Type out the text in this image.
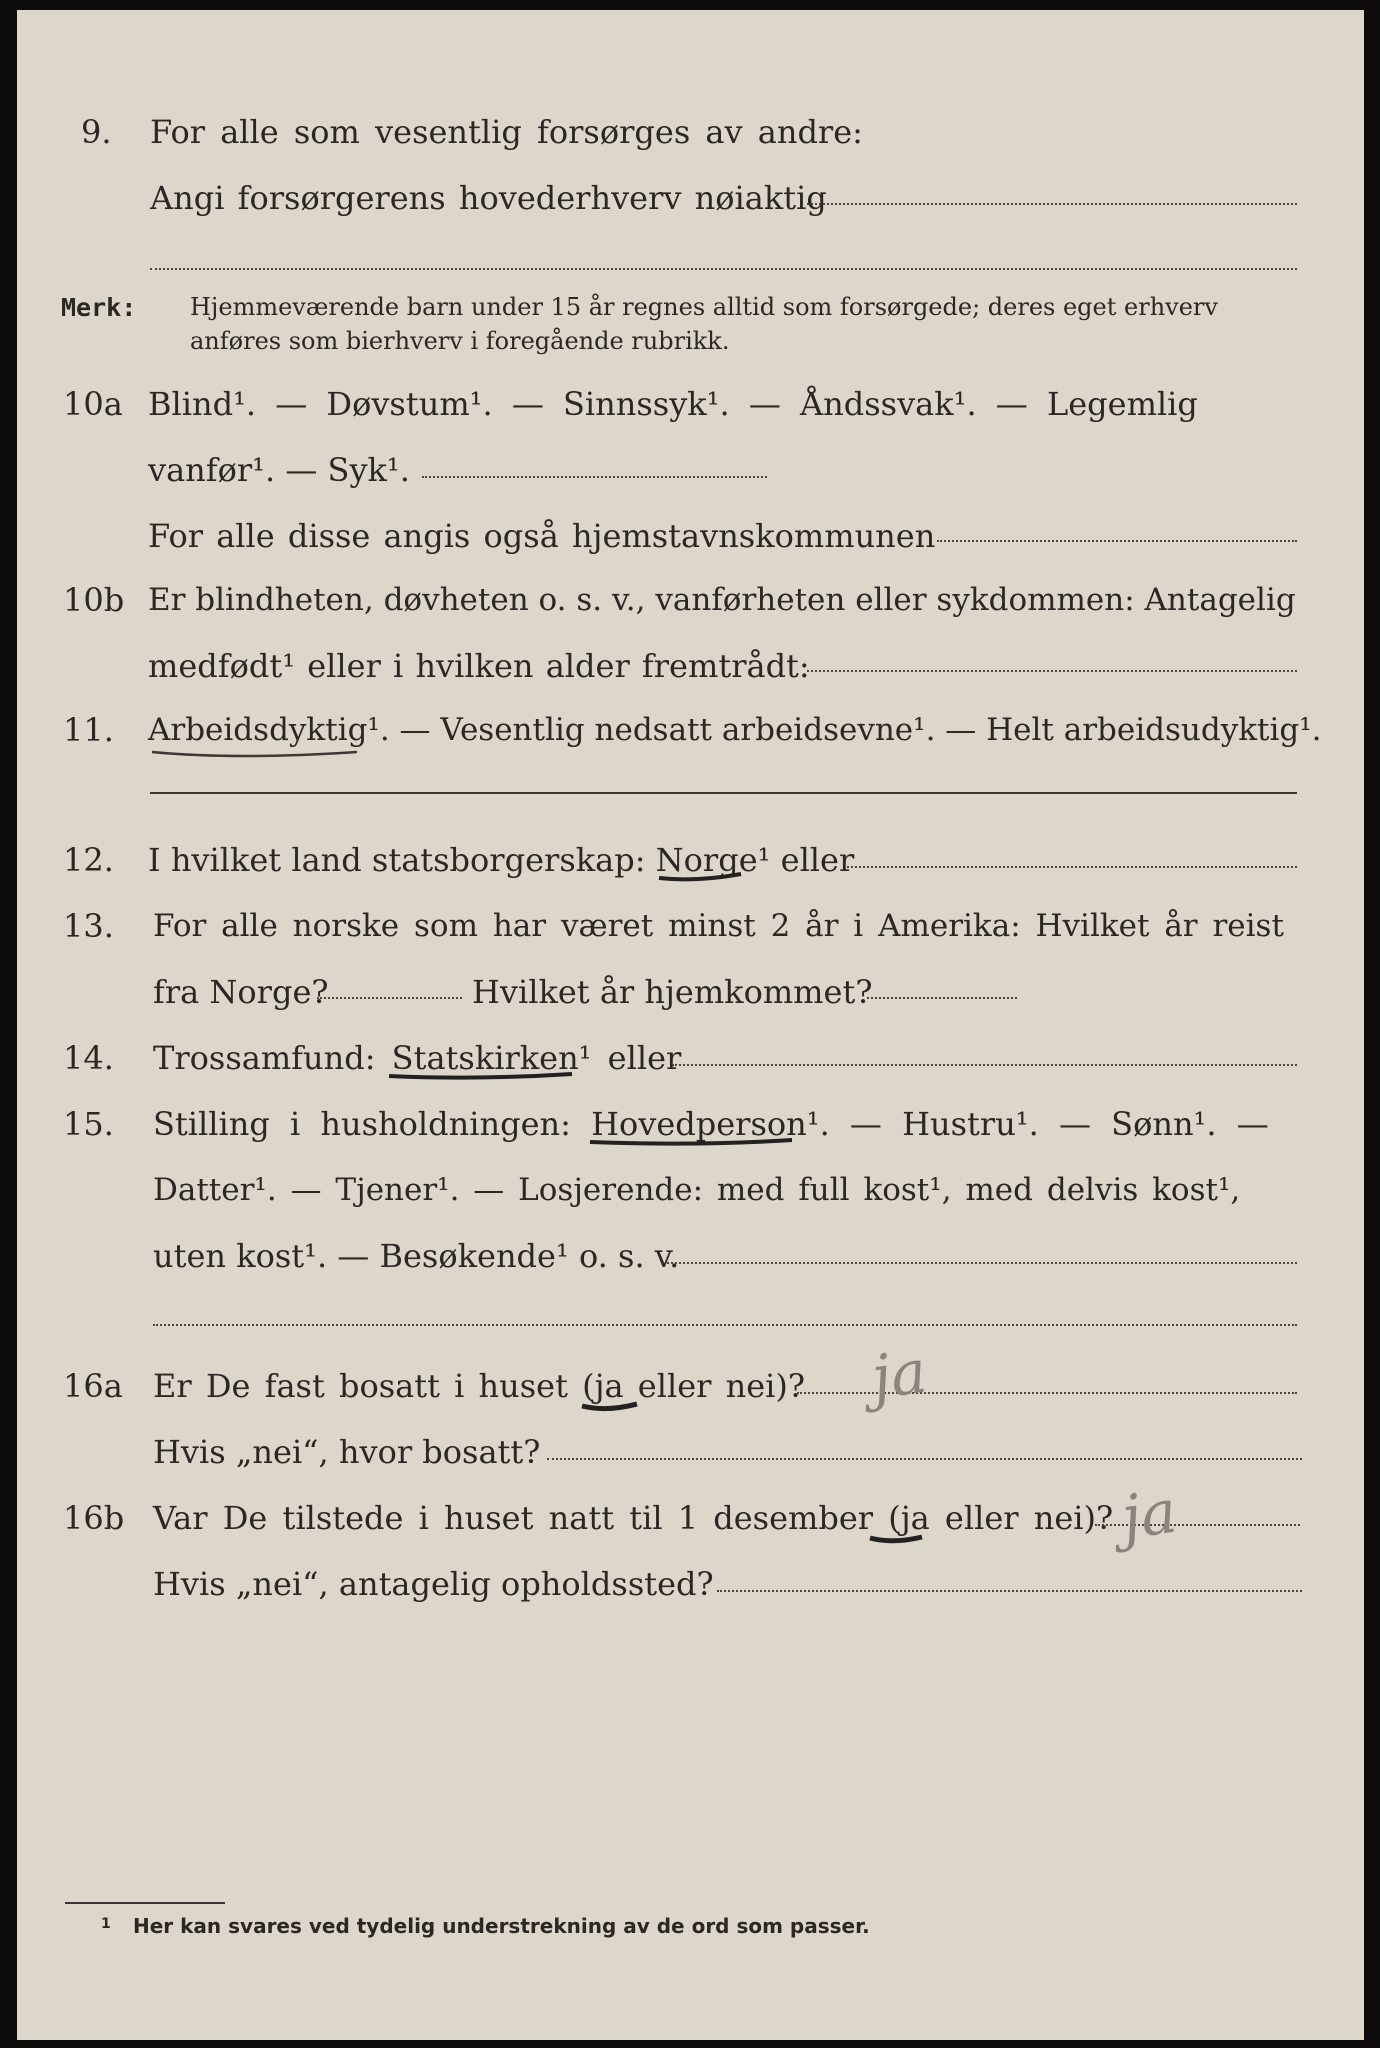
9. For alle som vesentlig forsørges av andre:
Angi forsørgerens hovederhverv nøiaktig
Merk: Hjemmeværende barn under 15 år regnes alltid som forsørgede; deres eget erhverv
anføres som bierhverv i foregående rubrikk.
10a Blind¹. — Døvstum¹. — Sinnssyk¹. — Åndssvak¹. — Legemlig
vanfør¹. — Syk¹.
For alle disse angis også hjemstavnskommunen
10b Er blindheten, døvheten o. s. v., vanførheten eller sykdommen: Antagelig
medfødt¹ eller i hvilken alder fremtrådt:
11. Arbeidsdyktig¹. — Vesentlig nedsatt arbeidsevne¹. — Helt arbeidsudyktig¹.
12. I hvilket land statsborgerskap: Norge¹ eller
13. For alle norske som har været minst 2 år i Amerika: Hvilket år reist
fra Norge?	Hvilket år hjemkommet?
14. Trossamfund: Statskirken¹ eller
15. Stilling i husholdningen: Hovedperson¹. — Hustru¹. — Sønn¹. —
Datter¹. — Tjener¹. — Losjerende: med full kost¹, med delvis kost¹,
uten kost¹. — Besøkende¹ o. s. v.
16a Er De fast bosatt i huset (ja eller nei)?
Hvis „nei“, hvor bosatt?
16b Var De tilstede i huset natt til 1 desember (ja eller nei)?
Hvis „nei“, antagelig opholdssted?
ja
ja
1 Her kan svares ved tydelig understrekning av de ord som passer.
